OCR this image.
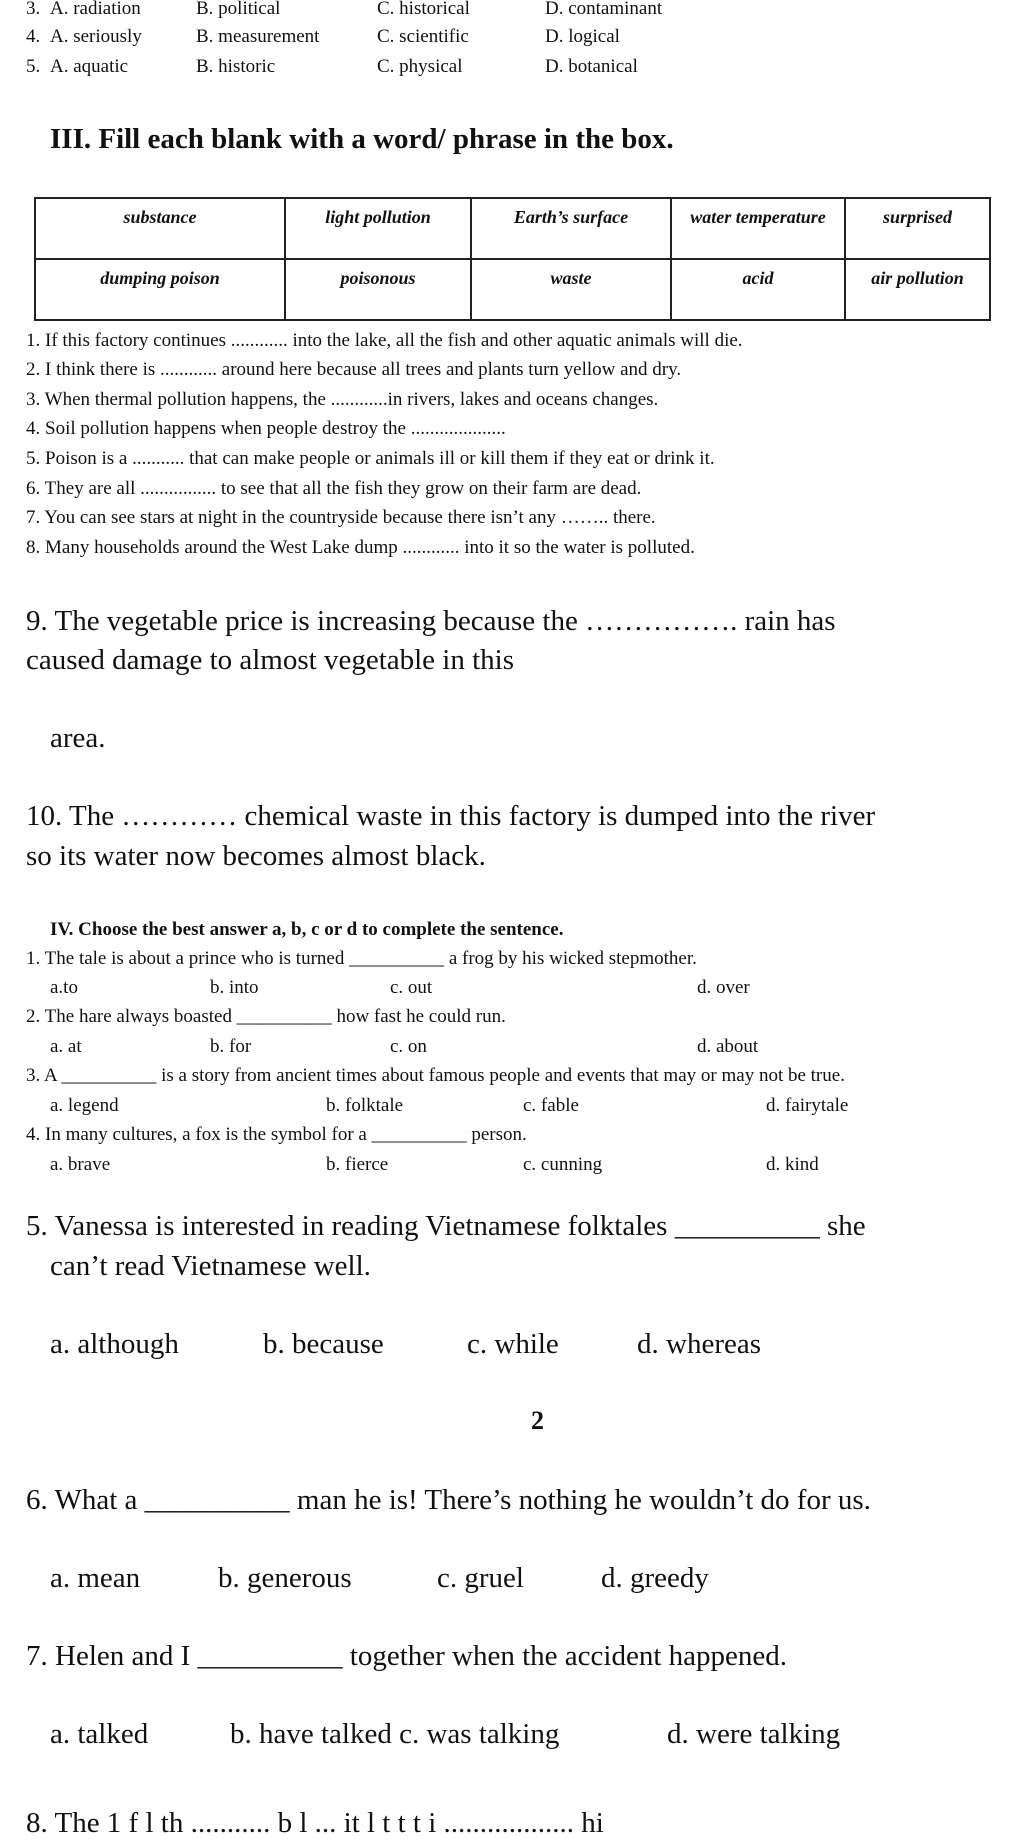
3. A. radiation	B. political	C. historical	D. contaminant
4. A. seriously	B. measurement	C. scientific	D. logical
5. A. aquatic	B. historic	C. physical	D. botanical
III. Fill each blank with a word/ phrase in the box.
substance	light pollution	Earth’s surface	water temperature	surprised
dumping poison	poisonous	waste	acid	air pollution
1. If this factory continues ............ into the lake, all the fish and other aquatic animals will die.
2. I think there is ............ around here because all trees and plants turn yellow and dry.
3. When thermal pollution happens, the ............in rivers, lakes and oceans changes.
4. Soil pollution happens when people destroy the ....................
5. Poison is a ........... that can make people or animals ill or kill them if they eat or drink it.
6. They are all ................ to see that all the fish they grow on their farm are dead.
7. You can see stars at night in the countryside because there isn’t any …….. there.
8. Many households around the West Lake dump ............ into it so the water is polluted.
9. The vegetable price is increasing because the ……………. rain has
caused damage to almost vegetable in this
area.
10. The ………… chemical waste in this factory is dumped into the river
so its water now becomes almost black.
IV. Choose the best answer a, b, c or d to complete the sentence.
1. The tale is about a prince who is turned __________ a frog by his wicked stepmother.
a.to	b. into	c. out	d. over
2. The hare always boasted __________ how fast he could run.
a. at	b. for	c. on	d. about
3. A __________ is a story from ancient times about famous people and events that may or may not be true.
a. legend	b. folktale	c. fable	d. fairytale
4. In many cultures, a fox is the symbol for a __________ person.
a. brave	b. fierce	c. cunning	d. kind
5. Vanessa is interested in reading Vietnamese folktales __________ she
can’t read Vietnamese well.
a. although	b. because	c. while	d. whereas
2
6. What a __________ man he is! There’s nothing he wouldn’t do for us.
a. mean	b. generous	c. gruel	d. greedy
7. Helen and I __________ together when the accident happened.
a. talked	b. have talked c. was talking	d. were talking
8. The 1 f l th ........... b l ... it l t t t i .................. hi
